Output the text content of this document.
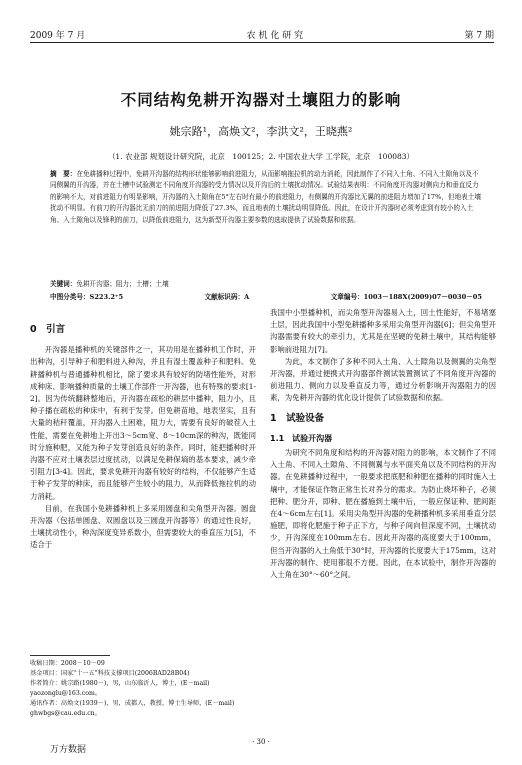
2009 年 7 月	农 机 化 研 究	第 7 期
不同结构免耕开沟器对土壤阻力的影响
姚宗路¹，高焕文²，李洪文²，王晓燕²
（1. 农业部 规划设计研究院，北京　100125；2. 中国农业大学 工学院，北京　100083）
摘　要：在免耕播种过程中，免耕开沟器的结构形状能够影响前进阻力，从而影响拖拉机的动力消耗，因此制作了不同入土角、不同入土隙角以及不同侧翼的开沟器，并在土槽中试验测定不同角度开沟器的受力情况以及开沟后的土壤扰动情况。试验结果表明：不同角度开沟器对侧向力和垂直反力的影响不大，对前进阻力有明显影响，开沟器的入土隙角在5°左右时有最小的前进阻力，有侧翼的开沟器比无翼的前进阻力增加了17%，但地表土壤扰动不明显。有前刀的开沟器比无前刀的前进阻力降低了27.3%，而且地表的土壤扰动明显降低。因此，在设计开沟器时必须考虑到有较小的入土角、入土隙角以及锋利的前刀，以降低前进阻力，这为新型开沟器主要参数的选取提供了试验数据和依据。
关键词：免耕开沟器；阻力；土槽；土壤
中图分类号：S223.2⁺5	文献标识码：A	文章编号：1003－188X(2009)07－0030－05
0　引言

开沟器是播种机的关键部件之一，其功用是在播种机工作时，开出种沟，引导种子和肥料进入种沟，并且有湿土覆盖种子和肥料。免耕播种机与普通播种机相比，除了要求具有较好的防堵性能外，对形成种床、影响播种质量的土壤工作部件一开沟器，也有特殊的要求[1-2]。因为传统翻耕整地后，开沟器在疏松的耕层中播种，阻力小，且种子播在疏松的种床中，有利于发芽。但免耕苗地，地表坚实，且有大量的秸秆覆盖，开沟器入土困难，阻力大，需要有良好的破茬入土性能，需要在免耕地上开出3～5cm宽、8～10cm深的种沟，既能同时分施种肥，又能为种子发芽创造良好的条件。同时，能把播种时开沟器不应对土壤表层过度扰动，以满足免耕保墒的基本要求，减少牵引阻力[3-4]。因此，要求免耕开沟器有较好的结构，不仅能够产生适于种子发芽的种床，而且能够产生较小的阻力，从而降低拖拉机的动力消耗。

目前，在我国小免耕播种机上多采用圆盘和尖角型开沟器。圆盘开沟器（包括单圆盘、双圆盘以及三圆盘开沟器等）的通过性良好，土壤扰动性小，种沟深度变异系数小，但需要较大的垂直压力[5]，不适合于

我国中小型播种机，而尖角型开沟器易入土，回土性能好，不易堵塞土层，因此我国中小型免耕播种多采用尖角型开沟器[6]；但尖角型开沟器需要有较大的牵引力，尤其是在坚硬的免耕土壤中，其结构能够影响前进阻力[7]。

为此，本文制作了多种不同入土角、入土隙角以及侧翼的尖角型开沟器，并通过便携式开沟器部件测试装置测试了不同角度开沟器的前进阻力、侧向力以及垂直反力等，通过分析影响开沟器阻力的因素，为免耕开沟器的优化设计提供了试验数据和依据。

1　试验设备
1.1　试验开沟器

为研究不同角度和结构的开沟器对阻力的影响，本文制作了不同入土角、不同入土隙角、不同侧翼与水平面夹角以及不同结构的开沟器。在免耕播种过程中，一般要求把底肥和种肥在播种的同时施入土壤中，才能保证作物正常生长对养分的需求。为防止烧坏种子，必须把种、肥分开，即种、肥在播施到土壤中后，一般应保证种、肥间距在4～6cm左右[1]。采用尖角型开沟器的免耕播种机多采用垂直分层施肥，即将化肥施于种子正下方，与种子间向但深度不同，土壤扰动少，开沟深度在100mm左右。因此开沟器的高度要大于100mm，但当开沟器的入土角低于30°时，开沟器的长度要大于175mm，这对开沟器的制作、使用都很不方便。因此，在本试验中，制作开沟器的入土角在30°～60°之间。

收稿日期：2008－10－09
基金项目：国家"十一五"科技支撑项目(2006BAD28B04)
作者简介：姚宗路(1980－)，男，山东临沂人，博士，(E－mail) yaozonglu@163.com。
通讯作者：高焕文(1939－)，男，成都人，教授，博士生导师，(E－mail) ghwbgs@cau.edu.cn。
· 30 ·
万方数据
